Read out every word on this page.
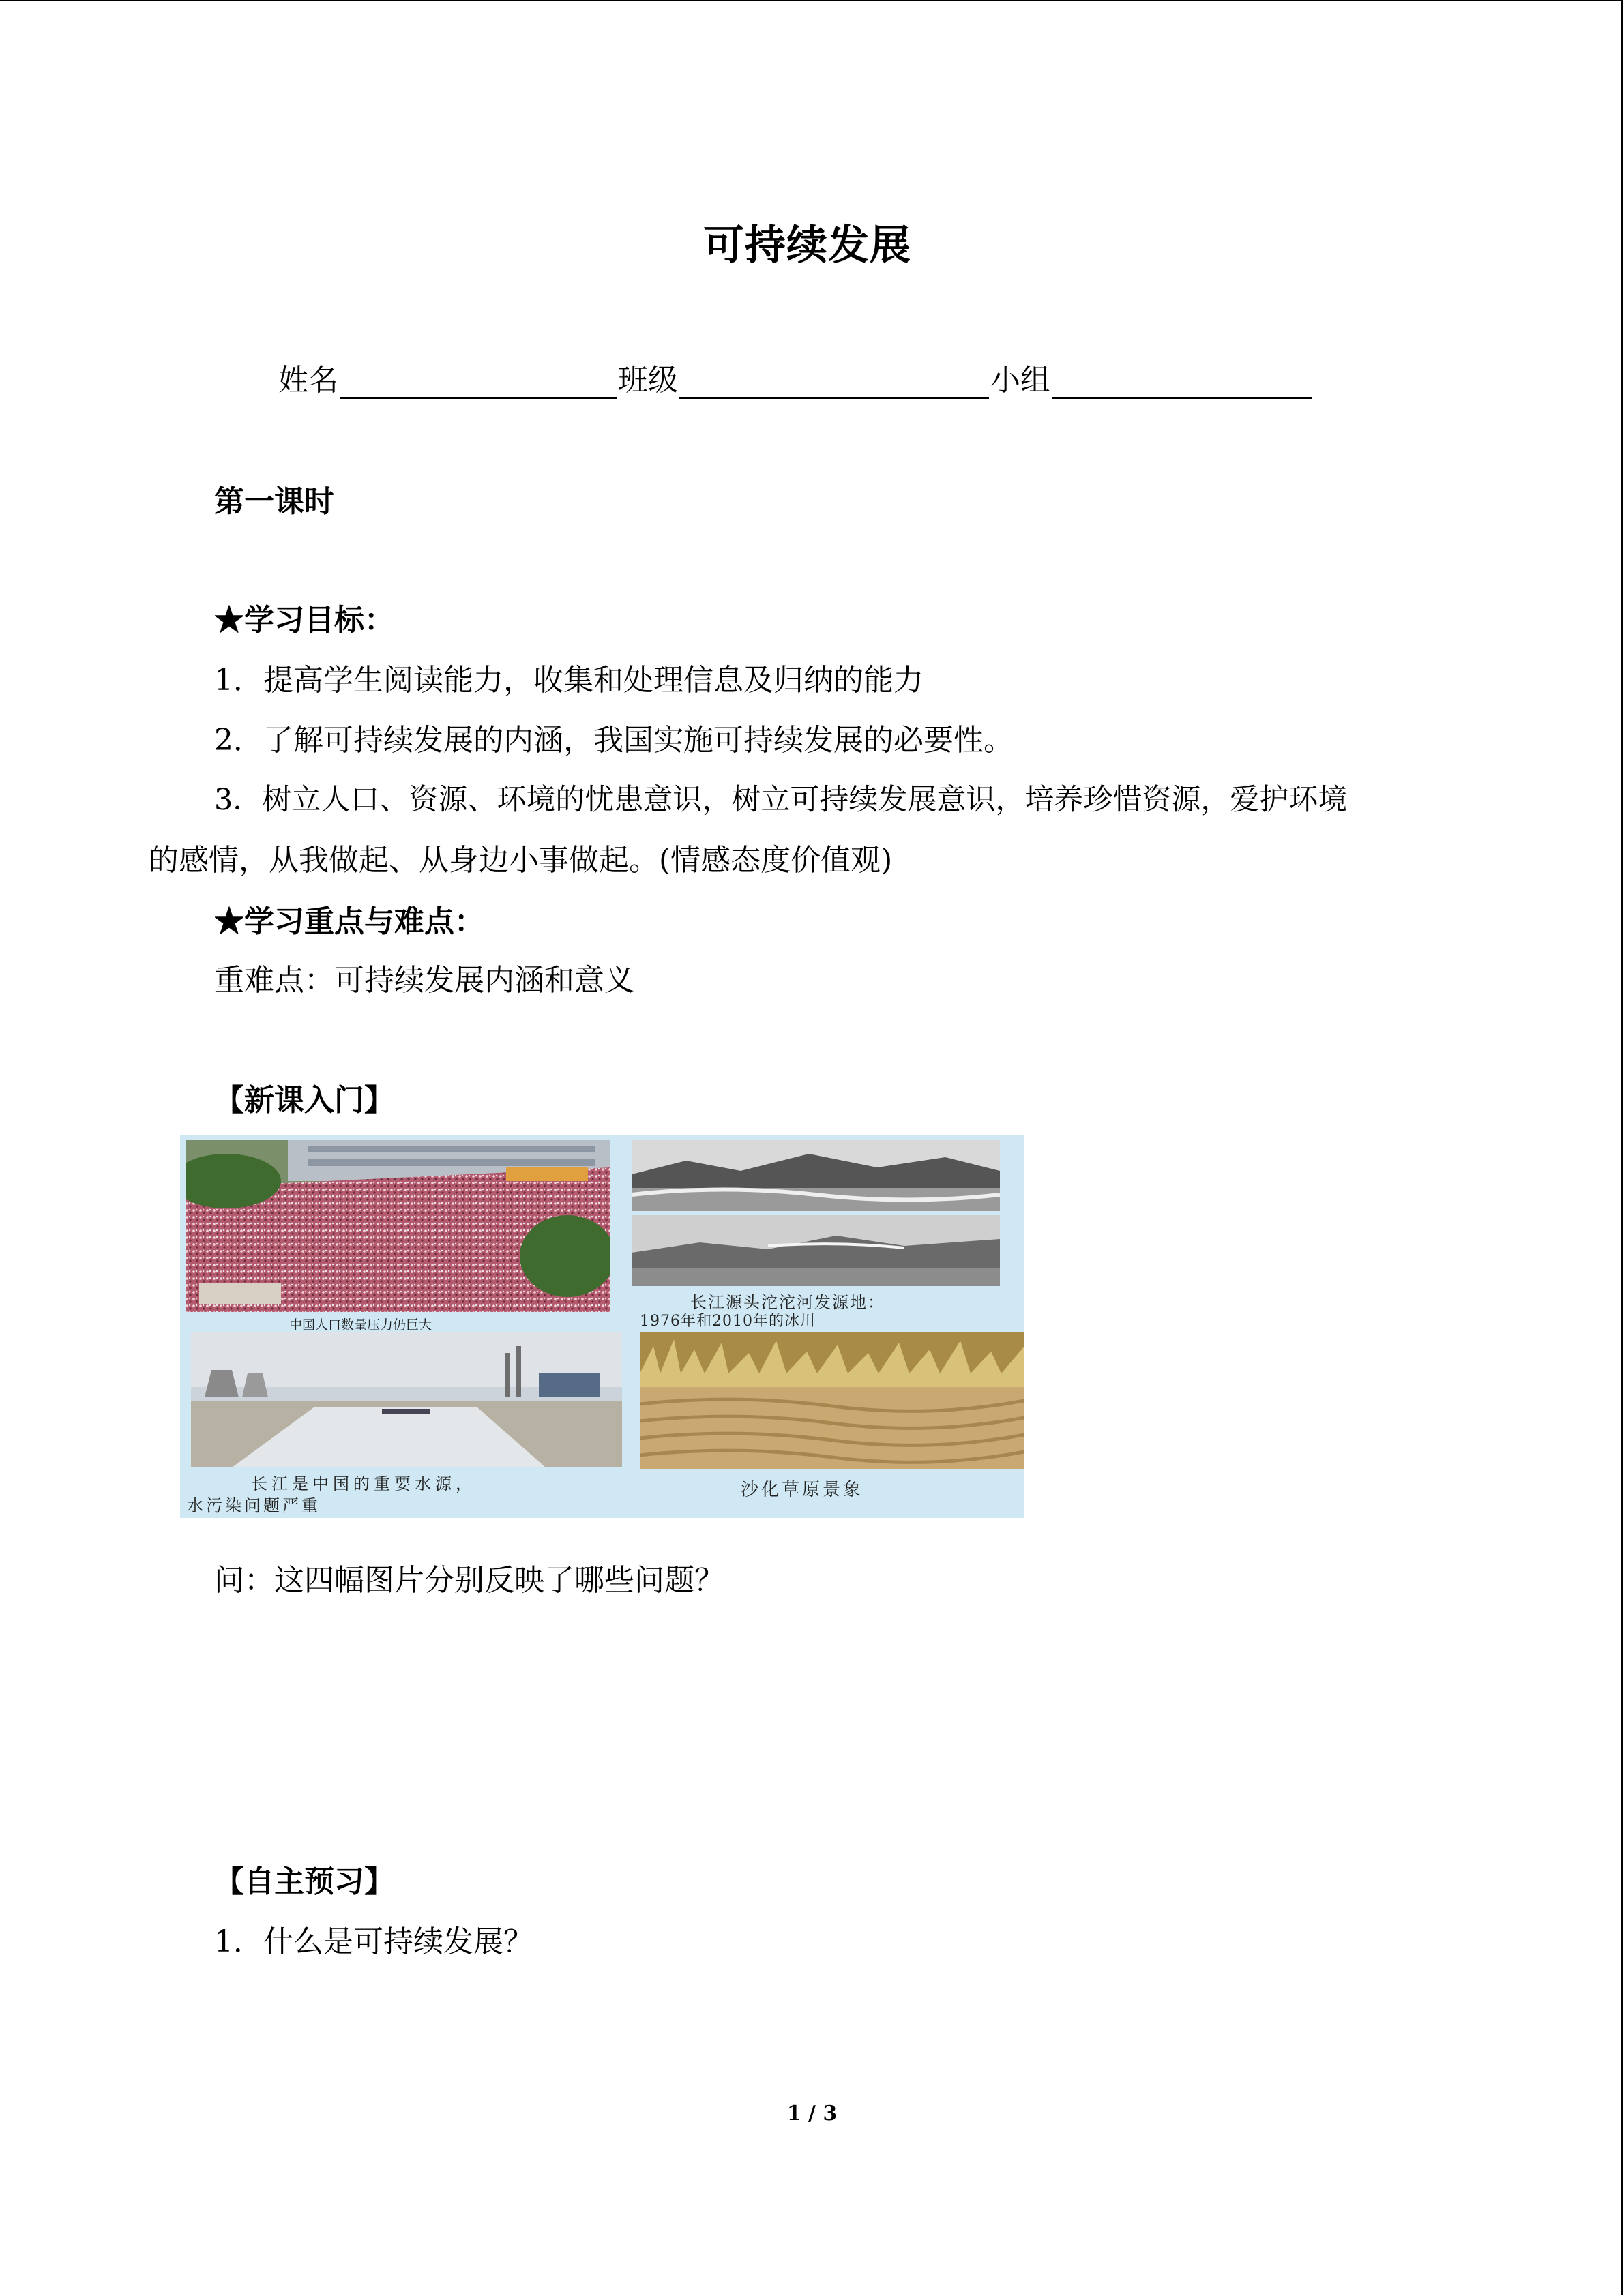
可持续发展
姓名	班级	小组
第一课时
★学习目标：
1．提高学生阅读能力，收集和处理信息及归纳的能力
2．了解可持续发展的内涵，我国实施可持续发展的必要性。
3．树立人口、资源、环境的忧患意识，树立可持续发展意识，培养珍惜资源，爱护环境
的感情，从我做起、从身边小事做起。(情感态度价值观)
★学习重点与难点：
重难点：可持续发展内涵和意义
【新课入门】
中国人口数量压力仍巨大
长江源头沱沱河发源地：
1976年和2010年的冰川
长江是中国的重要水源，
水污染问题严重
沙化草原景象
问：这四幅图片分别反映了哪些问题？
【自主预习】
1．什么是可持续发展？
1 / 3
